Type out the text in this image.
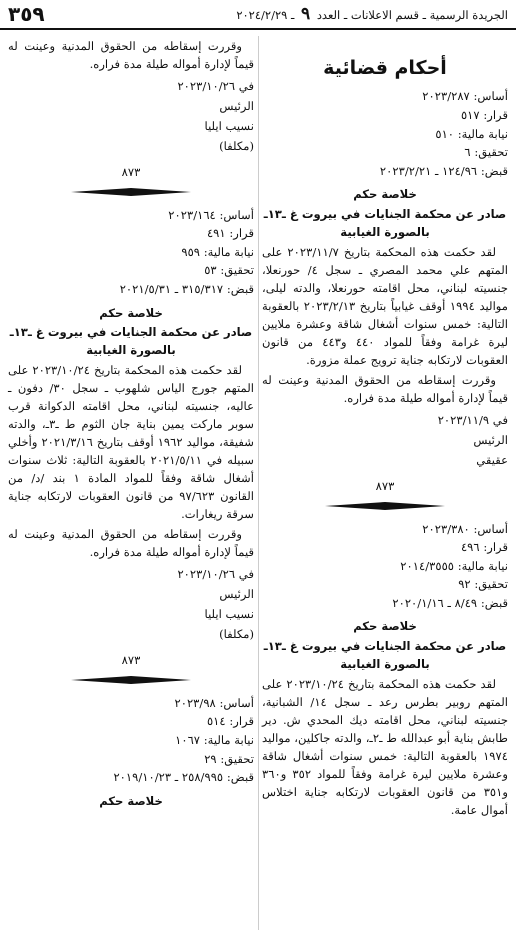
الجريدة الرسمية ـ قسم الاعلانات ـ العدد ٩ ـ ٢٠٢٤/٢/٢٩
٣٥٩
أحكام قضائية

أساس: ٢٠٢٣/٢٨٧

قرار: ٥١٧

نيابة مالية: ٥١٠

تحقيق: ٦

قبض: ١٢٤/٩٦ ـ ٢٠٢٣/٢/٢١

خلاصة حكم

صادر عن محكمة الجنايات في بيروت غ ـ١٣ـ

بالصورة الغيابية

لقد حكمت هذه المحكمة بتاريخ ٢٠٢٣/١١/٧ على المتهم علي محمد المصري ـ سجل ٤/ حورنعلا، جنسيته لبناني، محل اقامته حورنعلا، والدته ليلى، مواليد ١٩٩٤ أوقف غيابياً بتاريخ ٢٠٢٣/٢/١٣ بالعقوبة التالية: خمس سنوات أشغال شاقة وعشرة ملايين ليرة غرامة وفقاً للمواد ٤٤٠ و٤٤٣ من قانون العقوبات لارتكابه جناية ترويج عملة مزورة.

وقررت إسقاطه من الحقوق المدنية وعينت له قيماً لإدارة أمواله طيلة مدة فراره.

في ٢٠٢٣/١١/٩

الرئيس

عقيقي

٨٧٣

أساس: ٢٠٢٣/٣٨٠

قرار: ٤٩٦

نيابة مالية: ٢٠١٤/٣٥٥٥

تحقيق: ٩٢

قبض: ٨/٤٩ ـ ٢٠٢٠/١/١٦

خلاصة حكم

صادر عن محكمة الجنايات في بيروت غ ـ١٣ـ

بالصورة الغيابية

لقد حكمت هذه المحكمة بتاريخ ٢٠٢٣/١٠/٢٤ على المتهم روبير بطرس رعد ـ سجل ١٤/ الشبانية، جنسيته لبناني، محل اقامته ديك المحدي ش. دير طابش بناية أبو عبدالله ط ـ٢ـ، والدته جاكلين، مواليد ١٩٧٤ بالعقوبة التالية: خمس سنوات أشغال شاقة وعشرة ملايين ليرة غرامة وفقاً للمواد ٣٥٢ و٣٦٠ و٣٥١ من قانون العقوبات لارتكابه جناية اختلاس أموال عامة.

وقررت إسقاطه من الحقوق المدنية وعينت له قيماً لإدارة أمواله طيلة مدة فراره.

في ٢٠٢٣/١٠/٢٦

الرئيس

نسيب ايليا

(مكلفا)

٨٧٣

أساس: ٢٠٢٣/١٦٤

قرار: ٤٩١

نيابة مالية: ٩٥٩

تحقيق: ٥٣

قبض: ٣١٥/٣١٧ ـ ٢٠٢١/٥/٣١

خلاصة حكم

صادر عن محكمة الجنايات في بيروت غ ـ١٣ـ

بالصورة الغيابية

لقد حكمت هذه المحكمة بتاريخ ٢٠٢٣/١٠/٢٤ على المتهم جورج الياس شلهوب ـ سجل ٣٠/ دفون ـ عاليه، جنسيته لبناني، محل اقامته الدكوانة قرب سوبر ماركت يمين بناية جان الثوم ط ـ٣ـ، والدته شفيقة، مواليد ١٩٦٢ أوقف بتاريخ ٢٠٢١/٣/١٦ وأخلي سبيله في ٢٠٢١/٥/١١ بالعقوبة التالية: ثلاث سنوات أشغال شاقة وفقاً للمواد المادة ١ بند /د/ من القانون ٩٧/٦٢٣ من قانون العقوبات لارتكابه جناية سرقة ريغارات.

وقررت إسقاطه من الحقوق المدنية وعينت له قيماً لإدارة أمواله طيلة مدة فراره.

في ٢٠٢٣/١٠/٢٦

الرئيس

نسيب ايليا

(مكلفا)

٨٧٣

أساس: ٢٠٢٣/٩٨

قرار: ٥١٤

نيابة مالية: ١٠٦٧

تحقيق: ٢٩

قبض: ٢٥٨/٩٩٥ ـ ٢٠١٩/١٠/٢٣

خلاصة حكم
